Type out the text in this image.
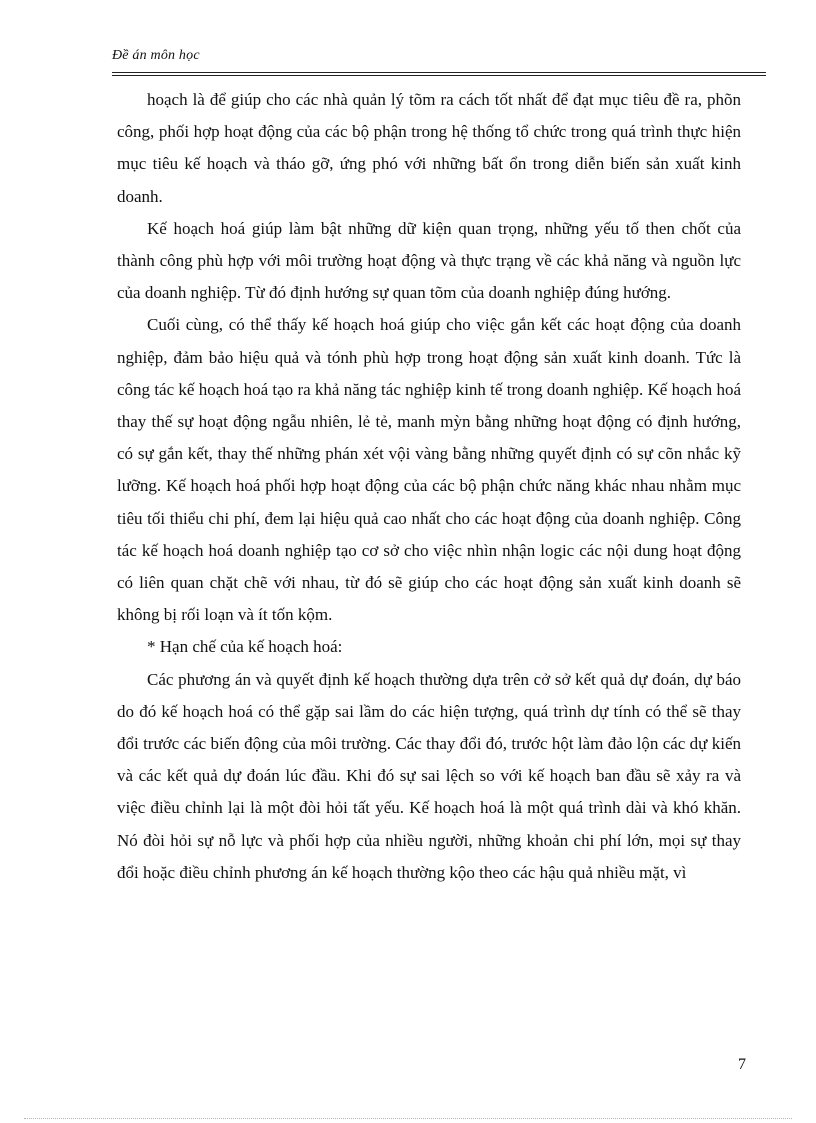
Đề án môn học

hoạch là để giúp cho các nhà quản lý tõm ra cách tốt nhất để đạt mục tiêu đề ra, phõn công, phối hợp hoạt động của các bộ phận trong hệ thống tổ chức trong quá trình thực hiện mục tiêu kế hoạch và tháo gỡ, ứng phó với những bất ổn trong diễn biến sản xuất kinh doanh.

Kế hoạch hoá giúp làm bật những dữ kiện quan trọng, những yếu tố then chốt của thành công phù hợp với môi trường hoạt động và thực trạng về các khả năng và nguồn lực của doanh nghiệp. Từ đó định hướng sự quan tõm của doanh nghiệp đúng hướng.

Cuối cùng, có thể thấy kế hoạch hoá giúp cho việc gắn kết các hoạt động của doanh nghiệp, đảm bảo hiệu quả và tónh phù hợp trong hoạt động sản xuất kinh doanh. Tức là công tác kế hoạch hoá tạo ra khả năng tác nghiệp kinh tế trong doanh nghiệp. Kế hoạch hoá thay thế sự hoạt động ngẫu nhiên, lẻ tẻ, manh mỳn bằng những hoạt động có định hướng, có sự gắn kết, thay thế những phán xét vội vàng bằng những quyết định có sự cõn nhắc kỹ lưỡng. Kế hoạch hoá phối hợp hoạt động của các bộ phận chức năng khác nhau nhằm mục tiêu tối thiểu chi phí, đem lại hiệu quả cao nhất cho các hoạt động của doanh nghiệp. Công tác kế hoạch hoá doanh nghiệp tạo cơ sở cho việc nhìn nhận logic các nội dung hoạt động có liên quan chặt chẽ với nhau, từ đó sẽ giúp cho các hoạt động sản xuất kinh doanh sẽ không bị rối loạn và ít tốn kộm.

* Hạn chế của kế hoạch hoá:

Các phương án và quyết định kế hoạch thường dựa trên cở sở kết quả dự đoán, dự báo do đó kế hoạch hoá có thể gặp sai lầm do các hiện tượng, quá trình dự tính có thể sẽ thay đổi trước các biến động của môi trường. Các thay đổi đó, trước hột làm đảo lộn các dự kiến và các kết quả dự đoán lúc đầu. Khi đó sự sai lệch so với kế hoạch ban đầu sẽ xảy ra và việc điều chỉnh lại là một đòi hỏi tất yếu. Kế hoạch hoá là một quá trình dài và khó khăn. Nó đòi hỏi sự nỗ lực và phối hợp của nhiều người, những khoản chi phí lớn, mọi sự thay đổi hoặc điều chỉnh phương án kế hoạch thường kộo theo các hậu quả nhiều mặt, vì

7
